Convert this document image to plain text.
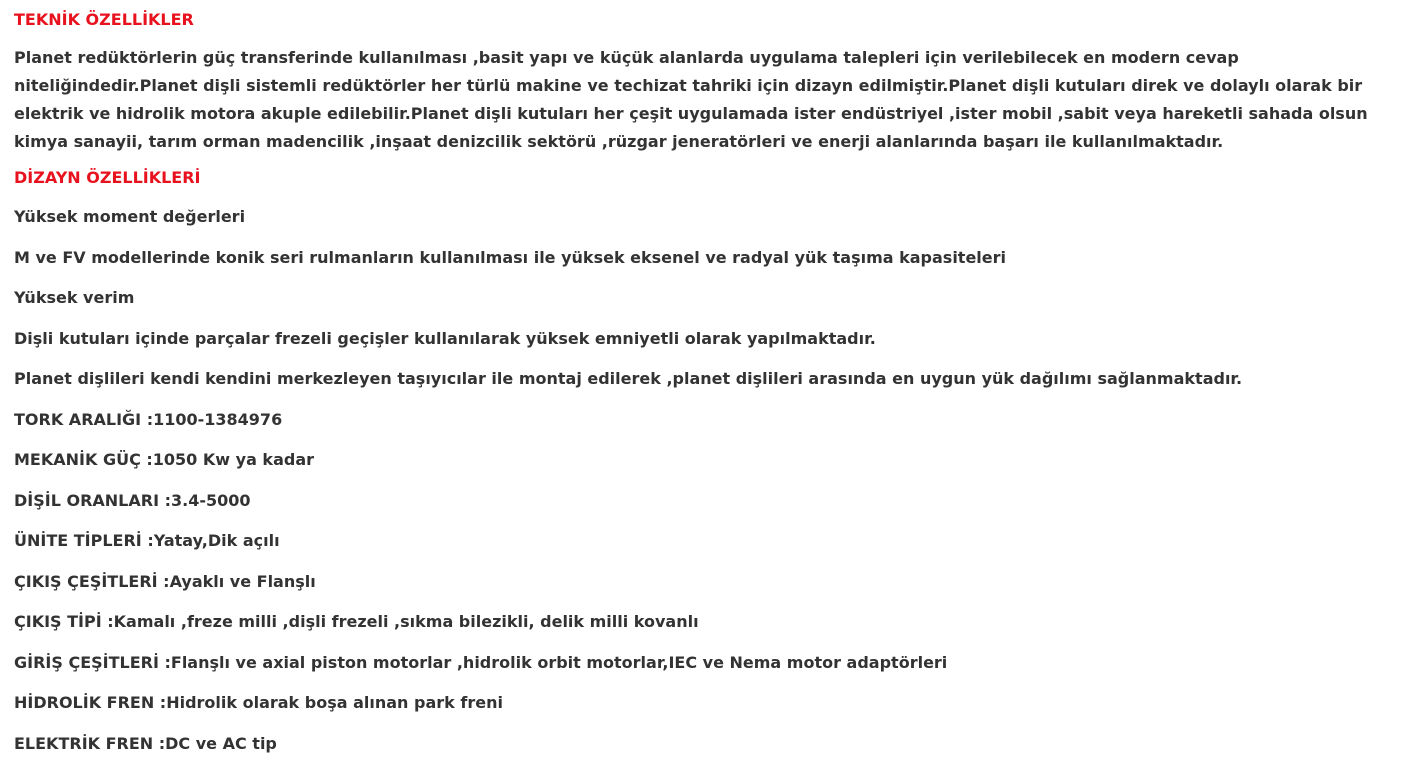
TEKNİK ÖZELLİKLER

Planet redüktörlerin güç transferinde kullanılması ,basit yapı ve küçük alanlarda uygulama talepleri için verilebilecek en modern cevap niteliğindedir.Planet dişli sistemli redüktörler her türlü makine ve techizat tahriki için dizayn edilmiştir.Planet dişli kutuları direk ve dolaylı olarak bir elektrik ve hidrolik motora akuple edilebilir.Planet dişli kutuları her çeşit uygulamada ister endüstriyel ,ister mobil ,sabit veya hareketli sahada olsun kimya sanayii, tarım orman madencilik ,inşaat denizcilik sektörü ,rüzgar jeneratörleri ve enerji alanlarında başarı ile kullanılmaktadır.

DİZAYN ÖZELLİKLERİ

Yüksek moment değerleri

M ve FV modellerinde konik seri rulmanların kullanılması ile yüksek eksenel ve radyal yük taşıma kapasiteleri

Yüksek verim

Dişli kutuları içinde parçalar frezeli geçişler kullanılarak yüksek emniyetli olarak yapılmaktadır.

Planet dişlileri kendi kendini merkezleyen taşıyıcılar ile montaj edilerek ,planet dişlileri arasında en uygun yük dağılımı sağlanmaktadır.

TORK ARALIĞI :1100-1384976

MEKANİK GÜÇ :1050 Kw ya kadar

DİŞİL ORANLARI :3.4-5000

ÜNİTE TİPLERİ :Yatay,Dik açılı

ÇIKIŞ ÇEŞİTLERİ :Ayaklı ve Flanşlı

ÇIKIŞ TİPİ :Kamalı ,freze milli ,dişli frezeli ,sıkma bilezikli, delik milli kovanlı

GİRİŞ ÇEŞİTLERİ :Flanşlı ve axial piston motorlar ,hidrolik orbit motorlar,IEC ve Nema motor adaptörleri

HİDROLİK FREN :Hidrolik olarak boşa alınan park freni

ELEKTRİK FREN :DC ve AC tip
